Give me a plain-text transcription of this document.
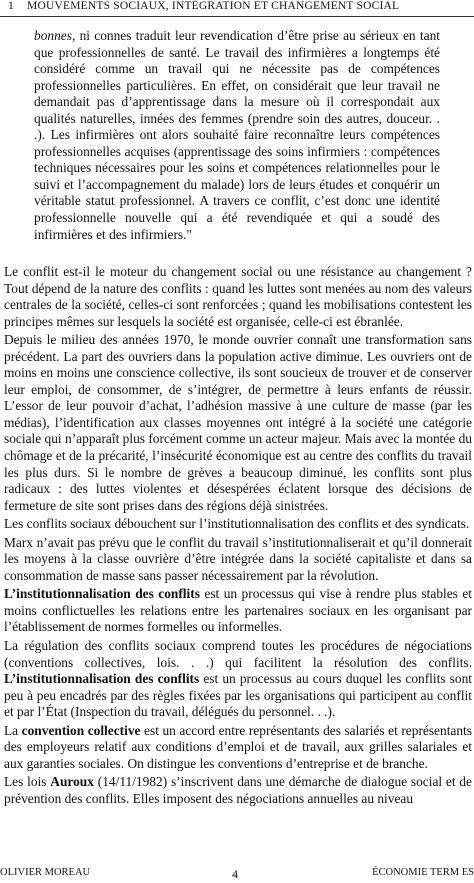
1 MOUVEMENTS SOCIAUX, INTÉGRATION ET CHANGEMENT SOCIAL

bonnes, ni connes traduit leur revendication d’être prise au sérieux en tant que professionnelles de santé. Le travail des infirmières a longtemps été considéré comme un travail qui ne nécessite pas de compétences professionnelles particulières. En effet, on considérait que leur travail ne demandait pas d’apprentissage dans la mesure où il correspondait aux qualités naturelles, innées des femmes (prendre soin des autres, douceur. . .). Les infirmières ont alors souhaité faire reconnaître leurs compétences professionnelles acquises (apprentissage des soins infirmiers : compétences techniques nécessaires pour les soins et compétences relationnelles pour le suivi et l’accompagnement du malade) lors de leurs études et conquérir un véritable statut professionnel. A travers ce conflit, c’est donc une identité professionnelle nouvelle qui a été revendiquée et qui a soudé des infirmières et des infirmiers."

Le conflit est-il le moteur du changement social ou une résistance au changement ? Tout dépend de la nature des conflits : quand les luttes sont menées au nom des valeurs centrales de la société, celles-ci sont renforcées ; quand les mobilisations contestent les principes mêmes sur lesquels la société est organisée, celle-ci est ébranlée.

Depuis le milieu des années 1970, le monde ouvrier connaît une transformation sans précédent. La part des ouvriers dans la population active diminue. Les ouvriers ont de moins en moins une conscience collective, ils sont soucieux de trouver et de conserver leur emploi, de consommer, de s’intégrer, de permettre à leurs enfants de réussir. L’essor de leur pouvoir d’achat, l’adhésion massive à une culture de masse (par les médias), l’identification aux classes moyennes ont intégré à la société une catégorie sociale qui n’apparaît plus forcément comme un acteur majeur. Mais avec la montée du chômage et de la précarité, l’insécurité économique est au centre des conflits du travail les plus durs. Si le nombre de grèves a beaucoup diminué, les conflits sont plus radicaux : des luttes violentes et désespérées éclatent lorsque des décisions de fermeture de site sont prises dans des régions déjà sinistrées.

Les conflits sociaux débouchent sur l’institutionnalisation des conflits et des syndicats.

Marx n’avait pas prévu que le conflit du travail s’institutionnaliserait et qu’il donnerait les moyens à la classe ouvrière d’être intégrée dans la société capitaliste et dans sa consommation de masse sans passer nécessairement par la révolution.

L’institutionnalisation des conflits est un processus qui vise à rendre plus stables et moins conflictuelles les relations entre les partenaires sociaux en les organisant par l’établissement de normes formelles ou informelles.

La régulation des conflits sociaux comprend toutes les procédures de négociations (conventions collectives, lois. . .) qui facilitent la résolution des conflits. L’institutionnalisation des conflits est un processus au cours duquel les conflits sont peu à peu encadrés par des règles fixées par les organisations qui participent au conflit et par l’État (Inspection du travail, délégués du personnel. . .).

La convention collective est un accord entre représentants des salariés et représentants des employeurs relatif aux conditions d’emploi et de travail, aux grilles salariales et aux garanties sociales. On distingue les conventions d’entreprise et de branche.

Les lois Auroux (14/11/1982) s’inscrivent dans une démarche de dialogue social et de prévention des conflits. Elles imposent des négociations annuelles au niveau

OLIVIER MOREAU	4	ÉCONOMIE TERM ES
